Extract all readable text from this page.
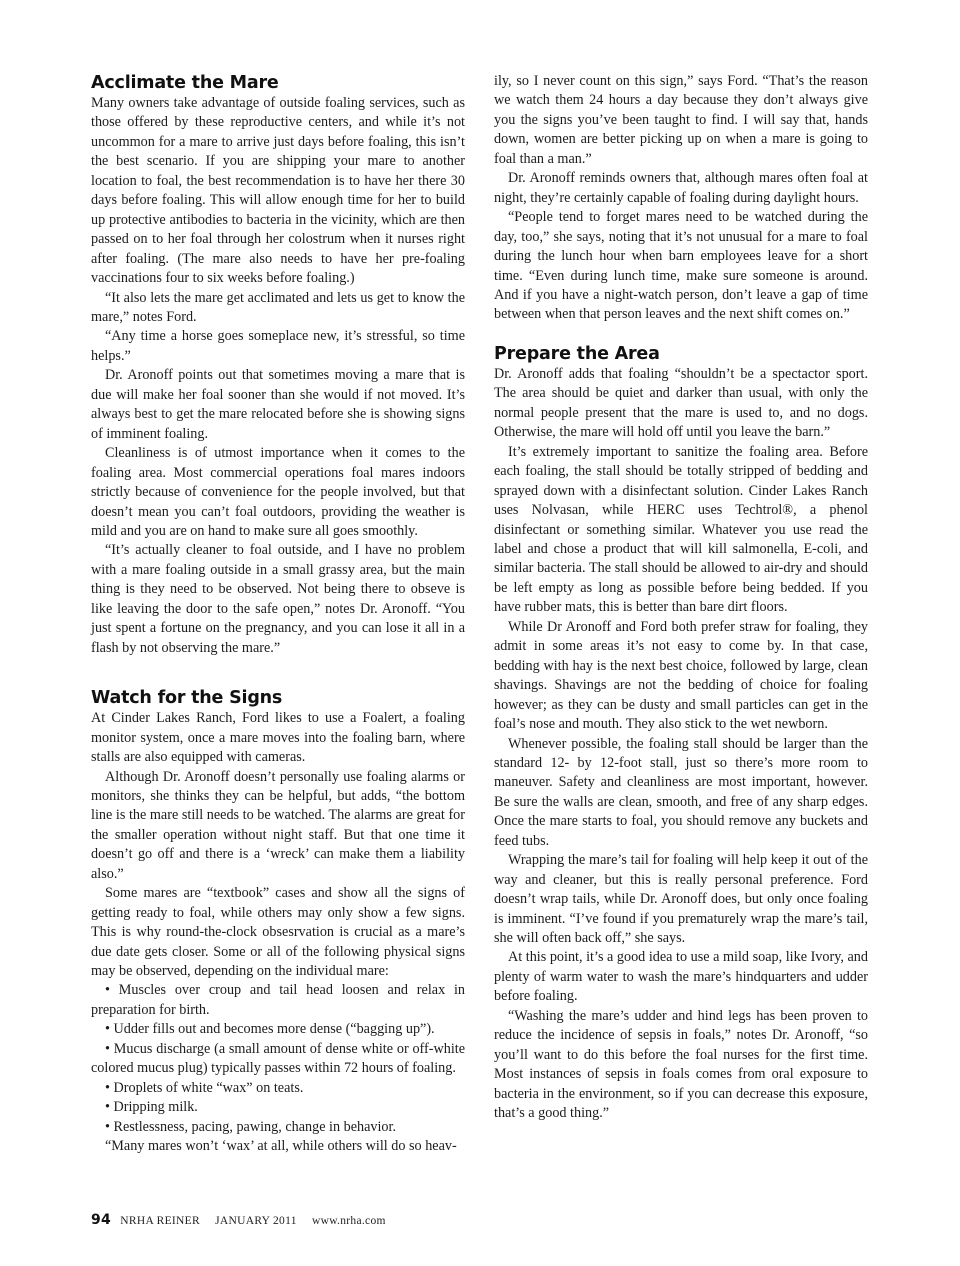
Acclimate the Mare

Many owners take advantage of outside foaling services, such as those offered by these reproductive centers, and while it’s not uncommon for a mare to arrive just days before foaling, this isn’t the best scenario. If you are shipping your mare to another location to foal, the best recommendation is to have her there 30 days before foaling. This will allow enough time for her to build up protective antibodies to bacteria in the vicinity, which are then passed on to her foal through her colostrum when it nurses right after foaling. (The mare also needs to have her pre-foaling vaccinations four to six weeks before foaling.)

“It also lets the mare get acclimated and lets us get to know the mare,” notes Ford.

“Any time a horse goes someplace new, it’s stressful, so time helps.”

Dr. Aronoff points out that sometimes moving a mare that is due will make her foal sooner than she would if not moved. It’s always best to get the mare relocated before she is showing signs of imminent foaling.

Cleanliness is of utmost importance when it comes to the foaling area. Most commercial operations foal mares indoors strictly because of convenience for the people involved, but that doesn’t mean you can’t foal outdoors, providing the weather is mild and you are on hand to make sure all goes smoothly.

“It’s actually cleaner to foal outside, and I have no problem with a mare foaling outside in a small grassy area, but the main thing is they need to be observed. Not being there to obseve is like leaving the door to the safe open,” notes Dr. Aronoff. “You just spent a fortune on the pregnancy, and you can lose it all in a flash by not observing the mare.”

Watch for the Signs

At Cinder Lakes Ranch, Ford likes to use a Foalert, a foaling monitor system, once a mare moves into the foaling barn, where stalls are also equipped with cameras.

Although Dr. Aronoff doesn’t personally use foaling alarms or monitors, she thinks they can be helpful, but adds, “the bottom line is the mare still needs to be watched. The alarms are great for the smaller operation without night staff. But that one time it doesn’t go off and there is a ‘wreck’ can make them a liability also.”

Some mares are “textbook” cases and show all the signs of getting ready to foal, while others may only show a few signs. This is why round-the-clock obsesrvation is crucial as a mare’s due date gets closer. Some or all of the following physical signs may be observed, depending on the individual mare:

• Muscles over croup and tail head loosen and relax in preparation for birth.

• Udder fills out and becomes more dense (“bagging up”).

• Mucus discharge (a small amount of dense white or off-white colored mucus plug) typically passes within 72 hours of foaling.

• Droplets of white “wax” on teats.

• Dripping milk.

• Restlessness, pacing, pawing, change in behavior.

“Many mares won’t ‘wax’ at all, while others will do so heav-

ily, so I never count on this sign,” says Ford. “That’s the reason we watch them 24 hours a day because they don’t always give you the signs you’ve been taught to find. I will say that, hands down, women are better picking up on when a mare is going to foal than a man.”

Dr. Aronoff reminds owners that, although mares often foal at night, they’re certainly capable of foaling during daylight hours.

“People tend to forget mares need to be watched during the day, too,” she says, noting that it’s not unusual for a mare to foal during the lunch hour when barn employees leave for a short time. “Even during lunch time, make sure someone is around. And if you have a night-watch person, don’t leave a gap of time between when that person leaves and the next shift comes on.”

Prepare the Area

Dr. Aronoff adds that foaling “shouldn’t be a spectactor sport. The area should be quiet and darker than usual, with only the normal people present that the mare is used to, and no dogs. Otherwise, the mare will hold off until you leave the barn.”

It’s extremely important to sanitize the foaling area. Before each foaling, the stall should be totally stripped of bedding and sprayed down with a disinfectant solution. Cinder Lakes Ranch uses Nolvasan, while HERC uses Techtrol®, a phenol disinfectant or something similar. Whatever you use read the label and chose a product that will kill salmonella, E-coli, and similar bacteria. The stall should be allowed to air-dry and should be left empty as long as possible before being bedded. If you have rubber mats, this is better than bare dirt floors.

While Dr Aronoff and Ford both prefer straw for foaling, they admit in some areas it’s not easy to come by. In that case, bedding with hay is the next best choice, followed by large, clean shavings. Shavings are not the bedding of choice for foaling however; as they can be dusty and small particles can get in the foal’s nose and mouth. They also stick to the wet newborn.

Whenever possible, the foaling stall should be larger than the standard 12- by 12-foot stall, just so there’s more room to maneuver. Safety and cleanliness are most important, however. Be sure the walls are clean, smooth, and free of any sharp edges. Once the mare starts to foal, you should remove any buckets and feed tubs.

Wrapping the mare’s tail for foaling will help keep it out of the way and cleaner, but this is really personal preference. Ford doesn’t wrap tails, while Dr. Aronoff does, but only once foaling is imminent. “I’ve found if you prematurely wrap the mare’s tail, she will often back off,” she says.

At this point, it’s a good idea to use a mild soap, like Ivory, and plenty of warm water to wash the mare’s hindquarters and udder before foaling.

“Washing the mare’s udder and hind legs has been proven to reduce the incidence of sepsis in foals,” notes Dr. Aronoff, “so you’ll want to do this before the foal nurses for the first time. Most instances of sepsis in foals comes from oral exposure to bacteria in the environment, so if you can decrease this exposure, that’s a good thing.”

94 NRHA REINER JANUARY 2011 www.nrha.com
